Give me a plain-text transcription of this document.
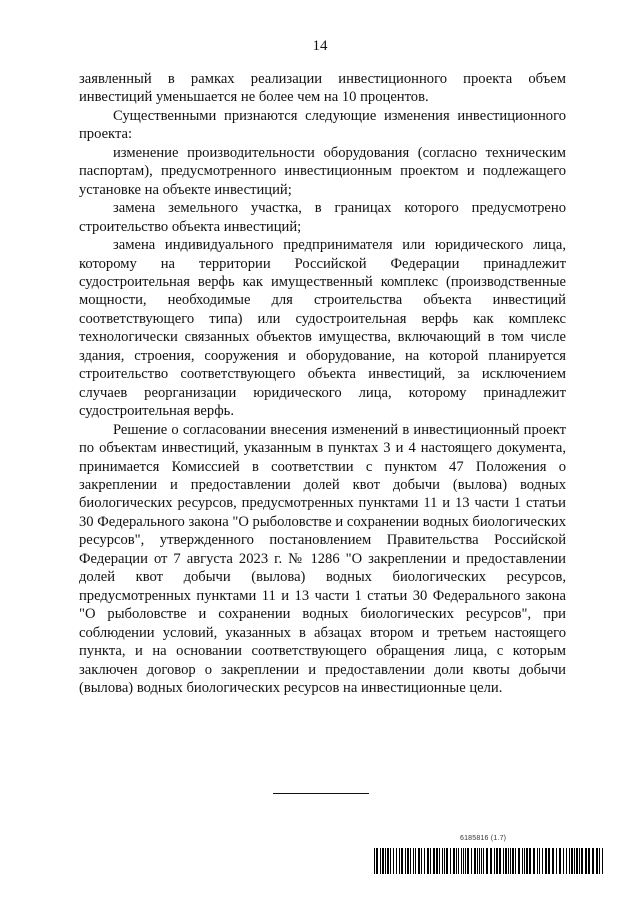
14

заявленный в рамках реализации инвестиционного проекта объем инвестиций уменьшается не более чем на 10 процентов.

Существенными признаются следующие изменения инвестиционного проекта:

изменение производительности оборудования (согласно техническим паспортам), предусмотренного инвестиционным проектом и подлежащего установке на объекте инвестиций;

замена земельного участка, в границах которого предусмотрено строительство объекта инвестиций;

замена индивидуального предпринимателя или юридического лица, которому на территории Российской Федерации принадлежит судостроительная верфь как имущественный комплекс (производственные мощности, необходимые для строительства объекта инвестиций соответствующего типа) или судостроительная верфь как комплекс технологически связанных объектов имущества, включающий в том числе здания, строения, сооружения и оборудование, на которой планируется строительство соответствующего объекта инвестиций, за исключением случаев реорганизации юридического лица, которому принадлежит судостроительная верфь.

Решение о согласовании внесения изменений в инвестиционный проект по объектам инвестиций, указанным в пунктах 3 и 4 настоящего документа, принимается Комиссией в соответствии с пунктом 47 Положения о закреплении и предоставлении долей квот добычи (вылова) водных биологических ресурсов, предусмотренных пунктами 11 и 13 части 1 статьи 30 Федерального закона "О рыболовстве и сохранении водных биологических ресурсов", утвержденного постановлением Правительства Российской Федерации от 7 августа 2023 г. № 1286 "О закреплении и предоставлении долей квот добычи (вылова) водных биологических ресурсов, предусмотренных пунктами 11 и 13 части 1 статьи 30 Федерального закона "О рыболовстве и сохранении водных биологических ресурсов", при соблюдении условий, указанных в абзацах втором и третьем настоящего пункта, и на основании соответствующего обращения лица, с которым заключен договор о закреплении и предоставлении доли квоты добычи (вылова) водных биологических ресурсов на инвестиционные цели.

6185816 (1.7)
